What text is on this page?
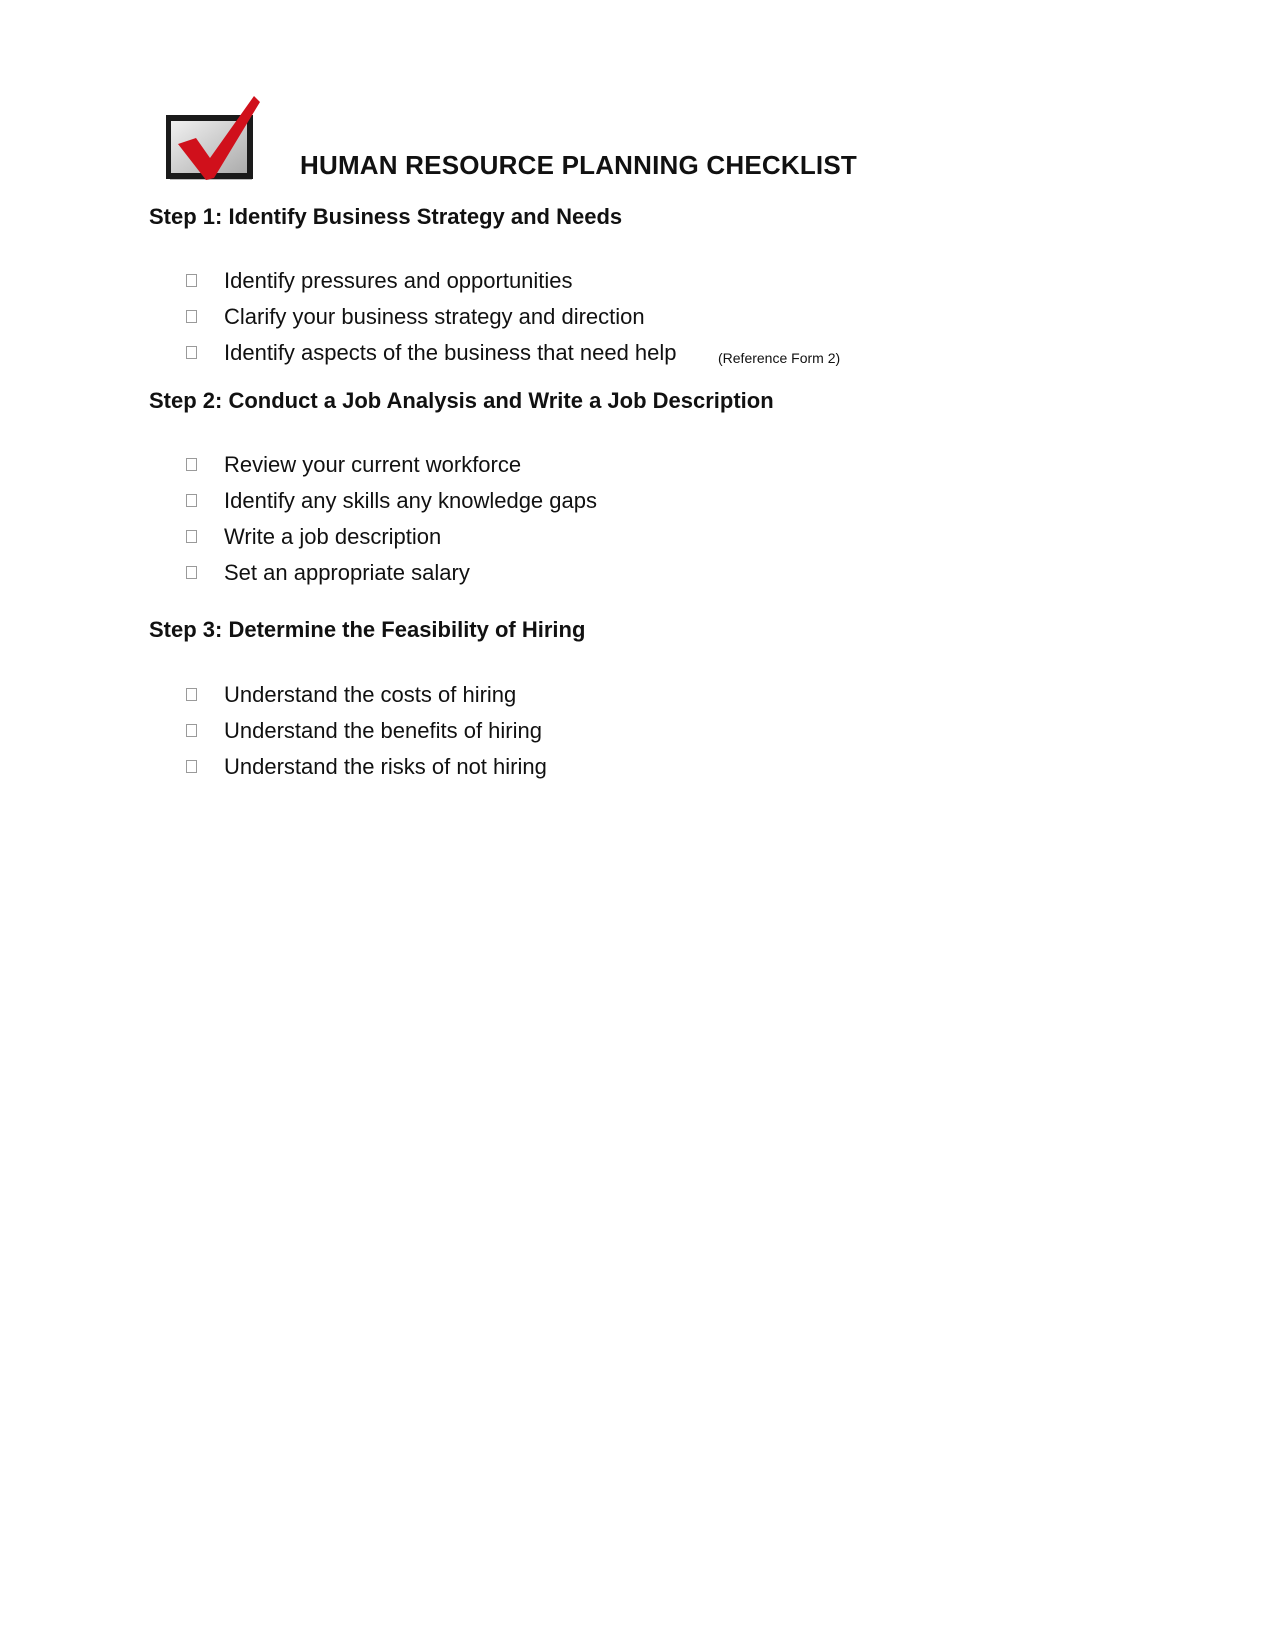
HUMAN RESOURCE PLANNING CHECKLIST
Step 1: Identify Business Strategy and Needs
Identify pressures and opportunities
Clarify your business strategy and direction
Identify aspects of the business that need help	(Reference Form 2)
Step 2: Conduct a Job Analysis and Write a Job Description
Review your current workforce
Identify any skills any knowledge gaps
Write a job description
Set an appropriate salary
Step 3: Determine the Feasibility of Hiring
Understand the costs of hiring
Understand the benefits of hiring
Understand the risks of not hiring
